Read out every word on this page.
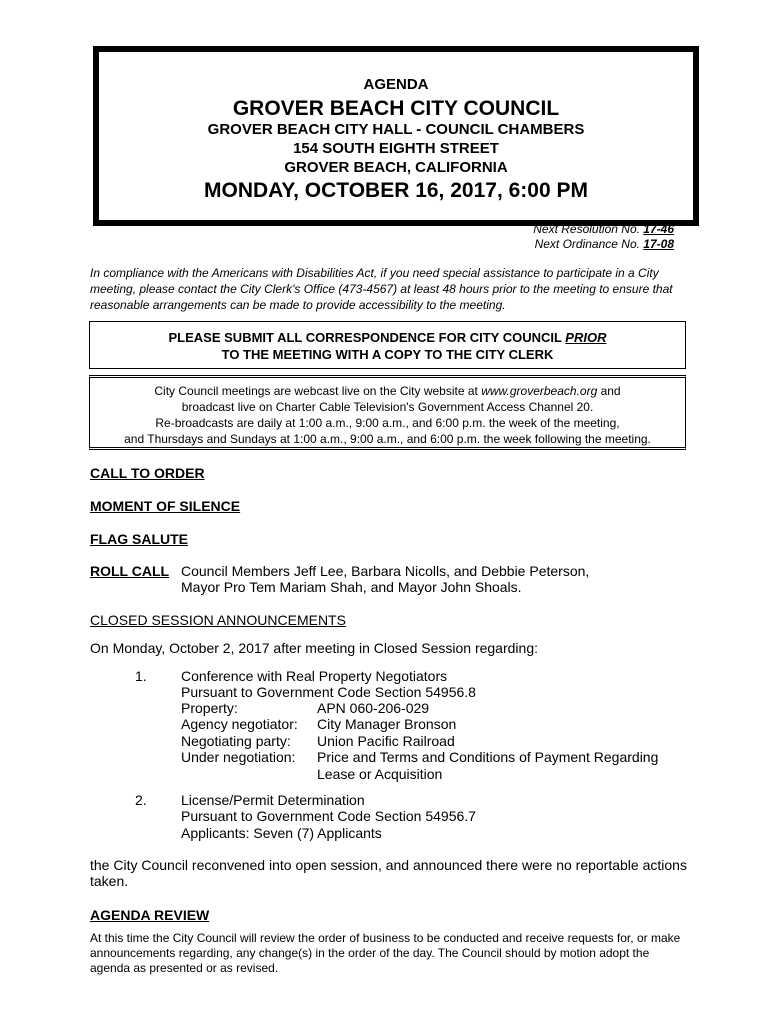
AGENDA
GROVER BEACH CITY COUNCIL
GROVER BEACH CITY HALL - COUNCIL CHAMBERS
154 SOUTH EIGHTH STREET
GROVER BEACH, CALIFORNIA
MONDAY, OCTOBER 16, 2017, 6:00 PM
Next Resolution No. 17-46
Next Ordinance No. 17-08
In compliance with the Americans with Disabilities Act, if you need special assistance to participate in a City meeting, please contact the City Clerk's Office (473-4567) at least 48 hours prior to the meeting to ensure that reasonable arrangements can be made to provide accessibility to the meeting.
PLEASE SUBMIT ALL CORRESPONDENCE FOR CITY COUNCIL PRIOR
TO THE MEETING WITH A COPY TO THE CITY CLERK
City Council meetings are webcast live on the City website at www.groverbeach.org and
broadcast live on Charter Cable Television's Government Access Channel 20.
Re-broadcasts are daily at 1:00 a.m., 9:00 a.m., and 6:00 p.m. the week of the meeting,
and Thursdays and Sundays at 1:00 a.m., 9:00 a.m., and 6:00 p.m. the week following the meeting.
CALL TO ORDER
MOMENT OF SILENCE
FLAG SALUTE
ROLL CALL Council Members Jeff Lee, Barbara Nicolls, and Debbie Peterson,
Mayor Pro Tem Mariam Shah, and Mayor John Shoals.
CLOSED SESSION ANNOUNCEMENTS
On Monday, October 2, 2017 after meeting in Closed Session regarding:
1. Conference with Real Property Negotiators
Pursuant to Government Code Section 54956.8
Property:	APN 060-206-029
Agency negotiator: City Manager Bronson
Negotiating party: Union Pacific Railroad
Under negotiation: Price and Terms and Conditions of Payment Regarding
Lease or Acquisition
2. License/Permit Determination
Pursuant to Government Code Section 54956.7
Applicants: Seven (7) Applicants
the City Council reconvened into open session, and announced there were no reportable actions taken.
AGENDA REVIEW
At this time the City Council will review the order of business to be conducted and receive requests for, or make announcements regarding, any change(s) in the order of the day. The Council should by motion adopt the agenda as presented or as revised.
